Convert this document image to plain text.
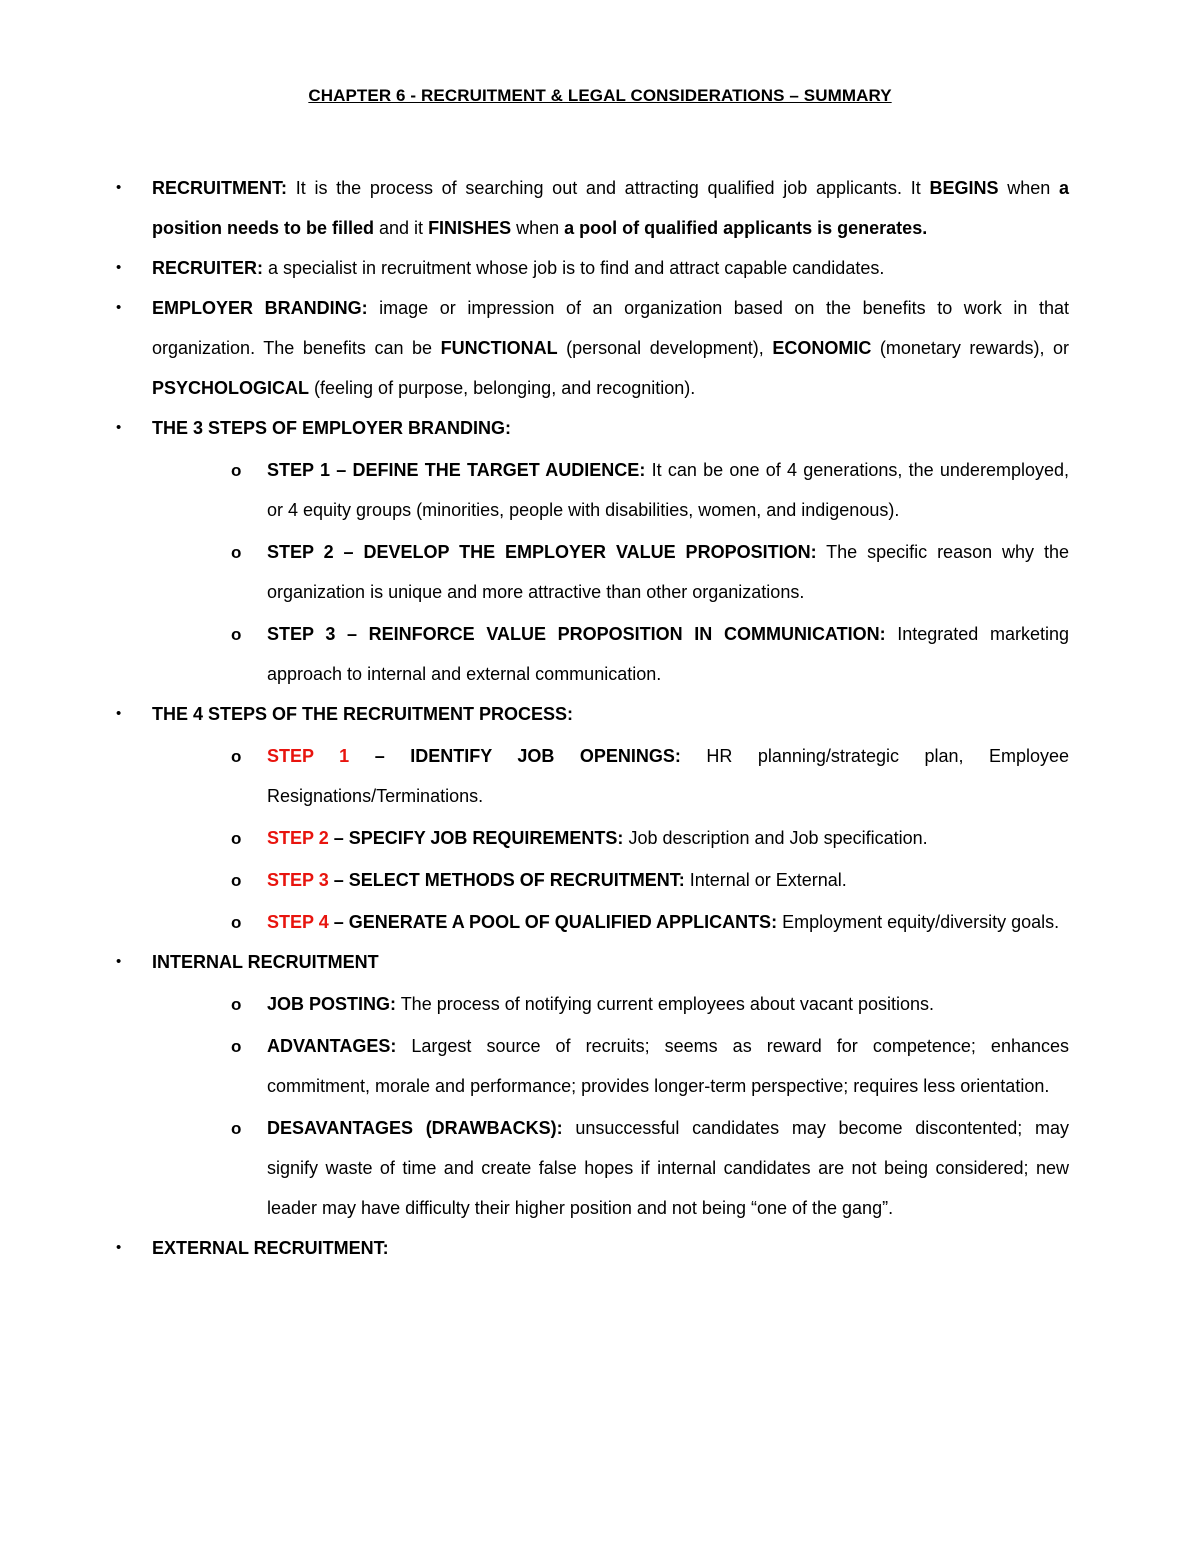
CHAPTER 6 - RECRUITMENT & LEGAL CONSIDERATIONS – SUMMARY
•	RECRUITMENT: It is the process of searching out and attracting qualified job applicants. It BEGINS when a position needs to be filled and it FINISHES when a pool of qualified applicants is generates.
•	RECRUITER: a specialist in recruitment whose job is to find and attract capable candidates.
•	EMPLOYER BRANDING: image or impression of an organization based on the benefits to work in that organization. The benefits can be FUNCTIONAL (personal development), ECONOMIC (monetary rewards), or PSYCHOLOGICAL (feeling of purpose, belonging, and recognition).
•	THE 3 STEPS OF EMPLOYER BRANDING:
o STEP 1 – DEFINE THE TARGET AUDIENCE: It can be one of 4 generations, the underemployed, or 4 equity groups (minorities, people with disabilities, women, and indigenous).
o STEP 2 – DEVELOP THE EMPLOYER VALUE PROPOSITION: The specific reason why the organization is unique and more attractive than other organizations.
o STEP 3 – REINFORCE VALUE PROPOSITION IN COMMUNICATION: Integrated marketing approach to internal and external communication.
•	THE 4 STEPS OF THE RECRUITMENT PROCESS:
o STEP 1 – IDENTIFY JOB OPENINGS: HR planning/strategic plan, Employee Resignations/Terminations.
o STEP 2 – SPECIFY JOB REQUIREMENTS: Job description and Job specification.
o STEP 3 – SELECT METHODS OF RECRUITMENT: Internal or External.
o STEP 4 – GENERATE A POOL OF QUALIFIED APPLICANTS: Employment equity/diversity goals.
•	INTERNAL RECRUITMENT
o JOB POSTING: The process of notifying current employees about vacant positions.
o ADVANTAGES: Largest source of recruits; seems as reward for competence; enhances commitment, morale and performance; provides longer-term perspective; requires less orientation.
o DESAVANTAGES (DRAWBACKS): unsuccessful candidates may become discontented; may signify waste of time and create false hopes if internal candidates are not being considered; new leader may have difficulty their higher position and not being “one of the gang”.
•	EXTERNAL RECRUITMENT:
